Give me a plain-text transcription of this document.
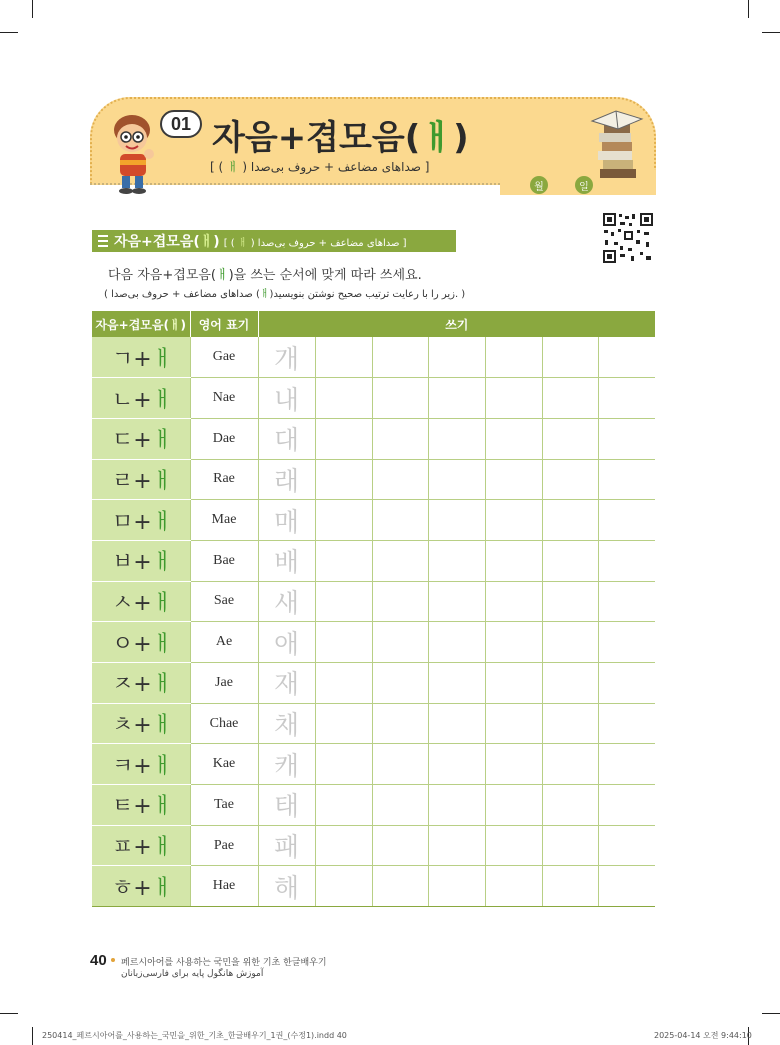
01 자음+겹모음(ㅐ)
[ ( ㅐ ) صداهای مضاعف + حروف بی‌صدا ]
월	일
자음+겹모음(ㅐ) [ ( ㅐ ) صداهای مضاعف + حروف بی‌صدا ]
다음 자음+겹모음(ㅐ)을 쓰는 순서에 맞게 따라 쓰세요.
( صداهای مضاعف + حروف بی‌صدا (ㅐ)زیر را با رعایت ترتیب صحیح نوشتن بنویسید. )
자음+겹모음(ㅐ)	영어 표기	쓰기						
ㄱ+ㅐ	Gae	개						
ㄴ+ㅐ	Nae	내						
ㄷ+ㅐ	Dae	대						
ㄹ+ㅐ	Rae	래						
ㅁ+ㅐ	Mae	매						
ㅂ+ㅐ	Bae	배						
ㅅ+ㅐ	Sae	새						
ㅇ+ㅐ	Ae	애						
ㅈ+ㅐ	Jae	재						
ㅊ+ㅐ	Chae	채						
ㅋ+ㅐ	Kae	캐						
ㅌ+ㅐ	Tae	태						
ㅍ+ㅐ	Pae	패						
ㅎ+ㅐ	Hae	해						
40 페르시아어를 사용하는 국민을 위한 기초 한글배우기
آموزش هانگول پایه برای فارسی‌زبانان
250414_페르시아어를_사용하는_국민을_위한_기초_한글배우기_1권_(수정1).indd 40	2025-04-14 오전 9:44:10
